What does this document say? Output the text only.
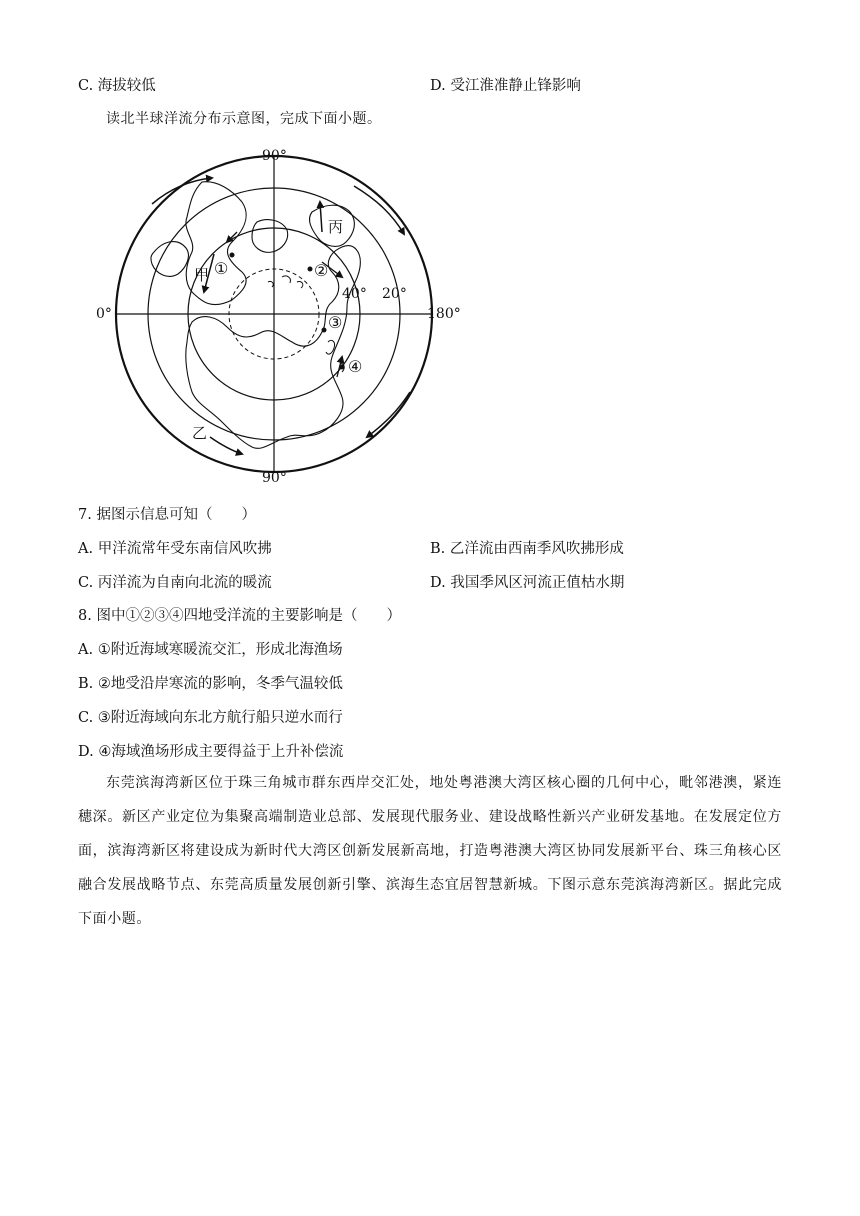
C. 海拔较低	D. 受江淮准静止锋影响
读北半球洋流分布示意图，完成下面小题。
90°
90°
0°	180°
40° 20°
甲
乙
丙
①	②
③
④
7. 据图示信息可知（　　）
A. 甲洋流常年受东南信风吹拂	B. 乙洋流由西南季风吹拂形成
C. 丙洋流为自南向北流的暖流	D. 我国季风区河流正值枯水期
8. 图中①②③④四地受洋流的主要影响是（　　）
A. ①附近海域寒暖流交汇，形成北海渔场
B. ②地受沿岸寒流的影响，冬季气温较低
C. ③附近海域向东北方航行船只逆水而行
D. ④海域渔场形成主要得益于上升补偿流
东莞滨海湾新区位于珠三角城市群东西岸交汇处，地处粤港澳大湾区核心圈的几何中心，毗邻港澳，紧连穗深。新区产业定位为集聚高端制造业总部、发展现代服务业、建设战略性新兴产业研发基地。在发展定位方面，滨海湾新区将建设成为新时代大湾区创新发展新高地，打造粤港澳大湾区协同发展新平台、珠三角核心区融合发展战略节点、东莞高质量发展创新引擎、滨海生态宜居智慧新城。下图示意东莞滨海湾新区。据此完成下面小题。
